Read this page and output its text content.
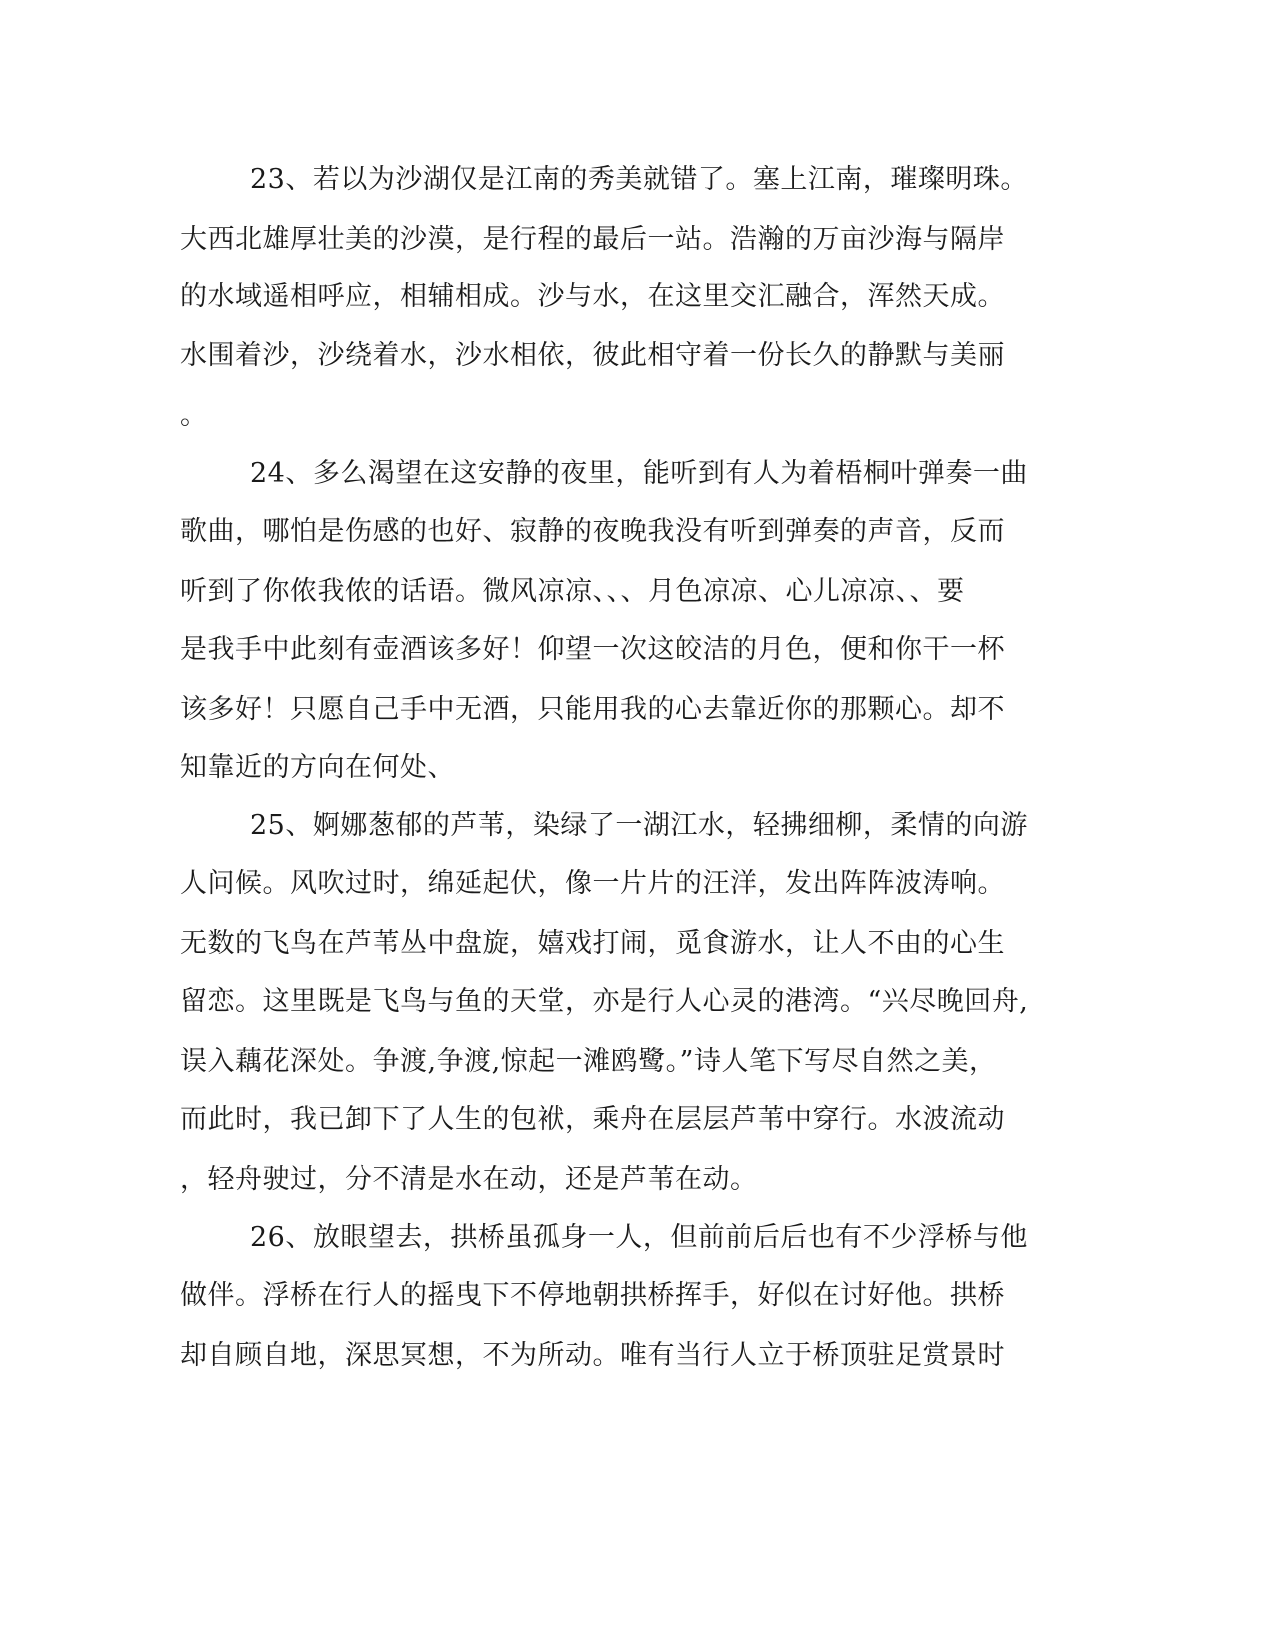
23、若以为沙湖仅是江南的秀美就错了。塞上江南，璀璨明珠。

大西北雄厚壮美的沙漠，是行程的最后一站。浩瀚的万亩沙海与隔岸

的水域遥相呼应，相辅相成。沙与水，在这里交汇融合，浑然天成。

水围着沙，沙绕着水，沙水相依，彼此相守着一份长久的静默与美丽

。

24、多么渴望在这安静的夜里，能听到有人为着梧桐叶弹奏一曲

歌曲，哪怕是伤感的也好、寂静的夜晚我没有听到弹奏的声音，反而

听到了你侬我侬的话语。微风凉凉、、、月色凉凉、心儿凉凉、、要

是我手中此刻有壶酒该多好！仰望一次这皎洁的月色，便和你干一杯

该多好！只愿自己手中无酒，只能用我的心去靠近你的那颗心。却不

知靠近的方向在何处、

25、婀娜葱郁的芦苇，染绿了一湖江水，轻拂细柳，柔情的向游

人问候。风吹过时，绵延起伏，像一片片的汪洋，发出阵阵波涛响。

无数的飞鸟在芦苇丛中盘旋，嬉戏打闹，觅食游水，让人不由的心生

留恋。这里既是飞鸟与鱼的天堂，亦是行人心灵的港湾。“兴尽晚回舟,

误入藕花深处。争渡,争渡,惊起一滩鸥鹭。”诗人笔下写尽自然之美，

而此时，我已卸下了人生的包袱，乘舟在层层芦苇中穿行。水波流动

，轻舟驶过，分不清是水在动，还是芦苇在动。

26、放眼望去，拱桥虽孤身一人，但前前后后也有不少浮桥与他

做伴。浮桥在行人的摇曳下不停地朝拱桥挥手，好似在讨好他。拱桥

却自顾自地，深思冥想，不为所动。唯有当行人立于桥顶驻足赏景时
